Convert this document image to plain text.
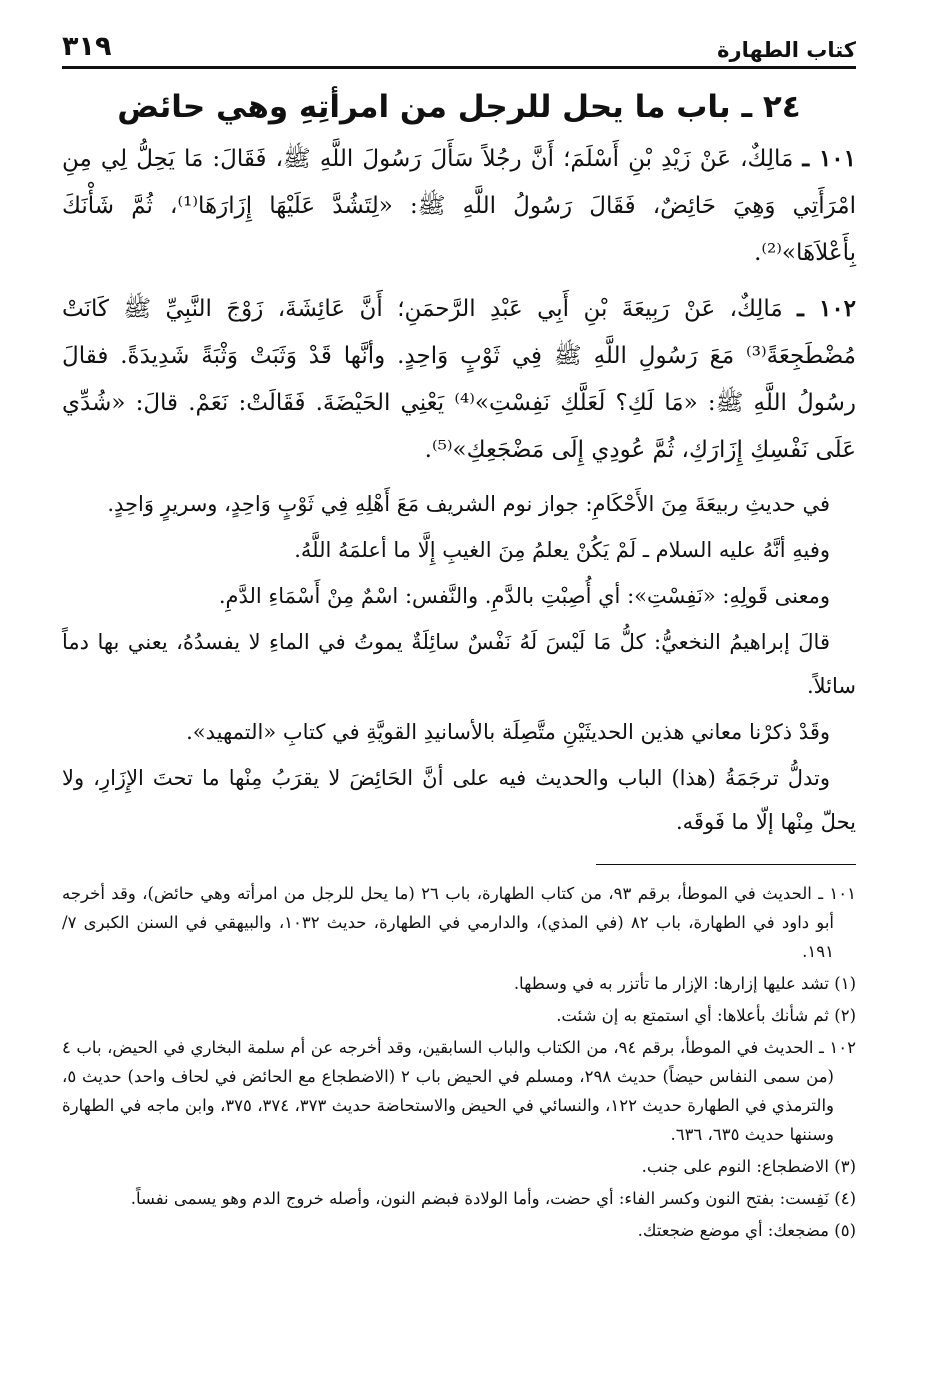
كتاب الطهارة
٣١٩
٢٤ ـ باب ما يحل للرجل من امرأتِهِ وهي حائض

١٠١ ـ مَالِكٌ، عَنْ زَيْدِ بْنِ أَسْلَمَ؛ أَنَّ رجُلاً سَأَلَ رَسُولَ اللَّهِ ﷺ، فَقَالَ: مَا يَحِلُّ لِي مِنِ امْرَأَتِي وَهِيَ حَائِضٌ، فَقَالَ رَسُولُ اللَّهِ ﷺ: «لِتَشُدَّ عَلَيْهَا إِزَارَهَا⁽¹⁾، ثُمَّ شَأْنَكَ بِأَعْلاَهَا»⁽²⁾.

١٠٢ ـ مَالِكٌ، عَنْ رَبِيعَةَ بْنِ أَبِي عَبْدِ الرَّحمَنِ؛ أَنَّ عَائِشَةَ، زَوْجَ النَّبِيِّ ﷺ كَانَتْ مُضْطَجِعَةً⁽³⁾ مَعَ رَسُولِ اللَّهِ ﷺ فِي ثَوْبٍ وَاحِدٍ. وأنَّها قَدْ وَثَبَتْ وَثْبَةً شَدِيدَةً. فقالَ رسُولُ اللَّهِ ﷺ: «مَا لَكِ؟ لَعَلَّكِ نَفِسْتِ»⁽⁴⁾ يَعْنِي الحَيْضَةَ. فَقَالَتْ: نَعَمْ. قالَ: «شُدِّي عَلَى نَفْسِكِ إِزَارَكِ، ثُمَّ عُودِي إِلَى مَضْجَعِكِ»⁽⁵⁾.

في حديثِ ربيعَةَ مِنَ الأَحْكَامِ: جواز نوم الشريف مَعَ أَهْلِهِ فِي ثَوْبٍ وَاحِدٍ، وسريرٍ وَاحِدٍ.

وفيهِ أنَّهُ عليه السلام ـ لَمْ يَكُنْ يعلمُ مِنَ الغيبِ إِلَّا ما أعلمَهُ اللَّهُ.

ومعنى قَولِهِ: «نَفِسْتِ»: أي أُصِبْتِ بالدَّمِ. والنَّفس: اسْمٌ مِنْ أَسْمَاءِ الدَّمِ.

قالَ إبراهيمُ النخعيُّ: كلُّ مَا لَيْسَ لَهُ نَفْسٌ سائِلَةٌ يموتُ في الماءِ لا يفسدُهُ، يعني بها دماً سائلاً.

وقَدْ ذكرْنا معاني هذين الحديثَيْنِ متَّصِلَة بالأسانيدِ القويَّةِ في كتابِ «التمهيد».

وتدلُّ ترجَمَةُ (هذا) الباب والحديث فيه على أنَّ الحَائِضَ لا يقرَبُ مِنْها ما تحتَ الإِزَارِ، ولا يحلّ مِنْها إلّا ما فَوقَه.

١٠١ ـ الحديث في الموطأ، برقم ٩٣، من كتاب الطهارة، باب ٢٦ (ما يحل للرجل من امرأته وهي حائض)، وقد أخرجه أبو داود في الطهارة، باب ٨٢ (في المذي)، والدارمي في الطهارة، حديث ١٠٣٢، والبيهقي في السنن الكبرى ٧/ ١٩١.

(١) تشد عليها إزارها: الإزار ما تأتزر به في وسطها.

(٢) ثم شأنك بأعلاها: أي استمتع به إن شئت.

١٠٢ ـ الحديث في الموطأ، برقم ٩٤، من الكتاب والباب السابقين، وقد أخرجه عن أم سلمة البخاري في الحيض، باب ٤ (من سمى النفاس حيضاً) حديث ٢٩٨، ومسلم في الحيض باب ٢ (الاضطجاع مع الحائض في لحاف واحد) حديث ٥، والترمذي في الطهارة حديث ١٢٢، والنسائي في الحيض والاستحاضة حديث ٣٧٣، ٣٧٤، ٣٧٥، وابن ماجه في الطهارة وسننها حديث ٦٣٥، ٦٣٦.

(٣) الاضطجاع: النوم على جنب.

(٤) نَفِست: بفتح النون وكسر الفاء: أي حضت، وأما الولادة فبضم النون، وأصله خروج الدم وهو يسمى نفساً.

(٥) مضجعك: أي موضع ضجعتك.
